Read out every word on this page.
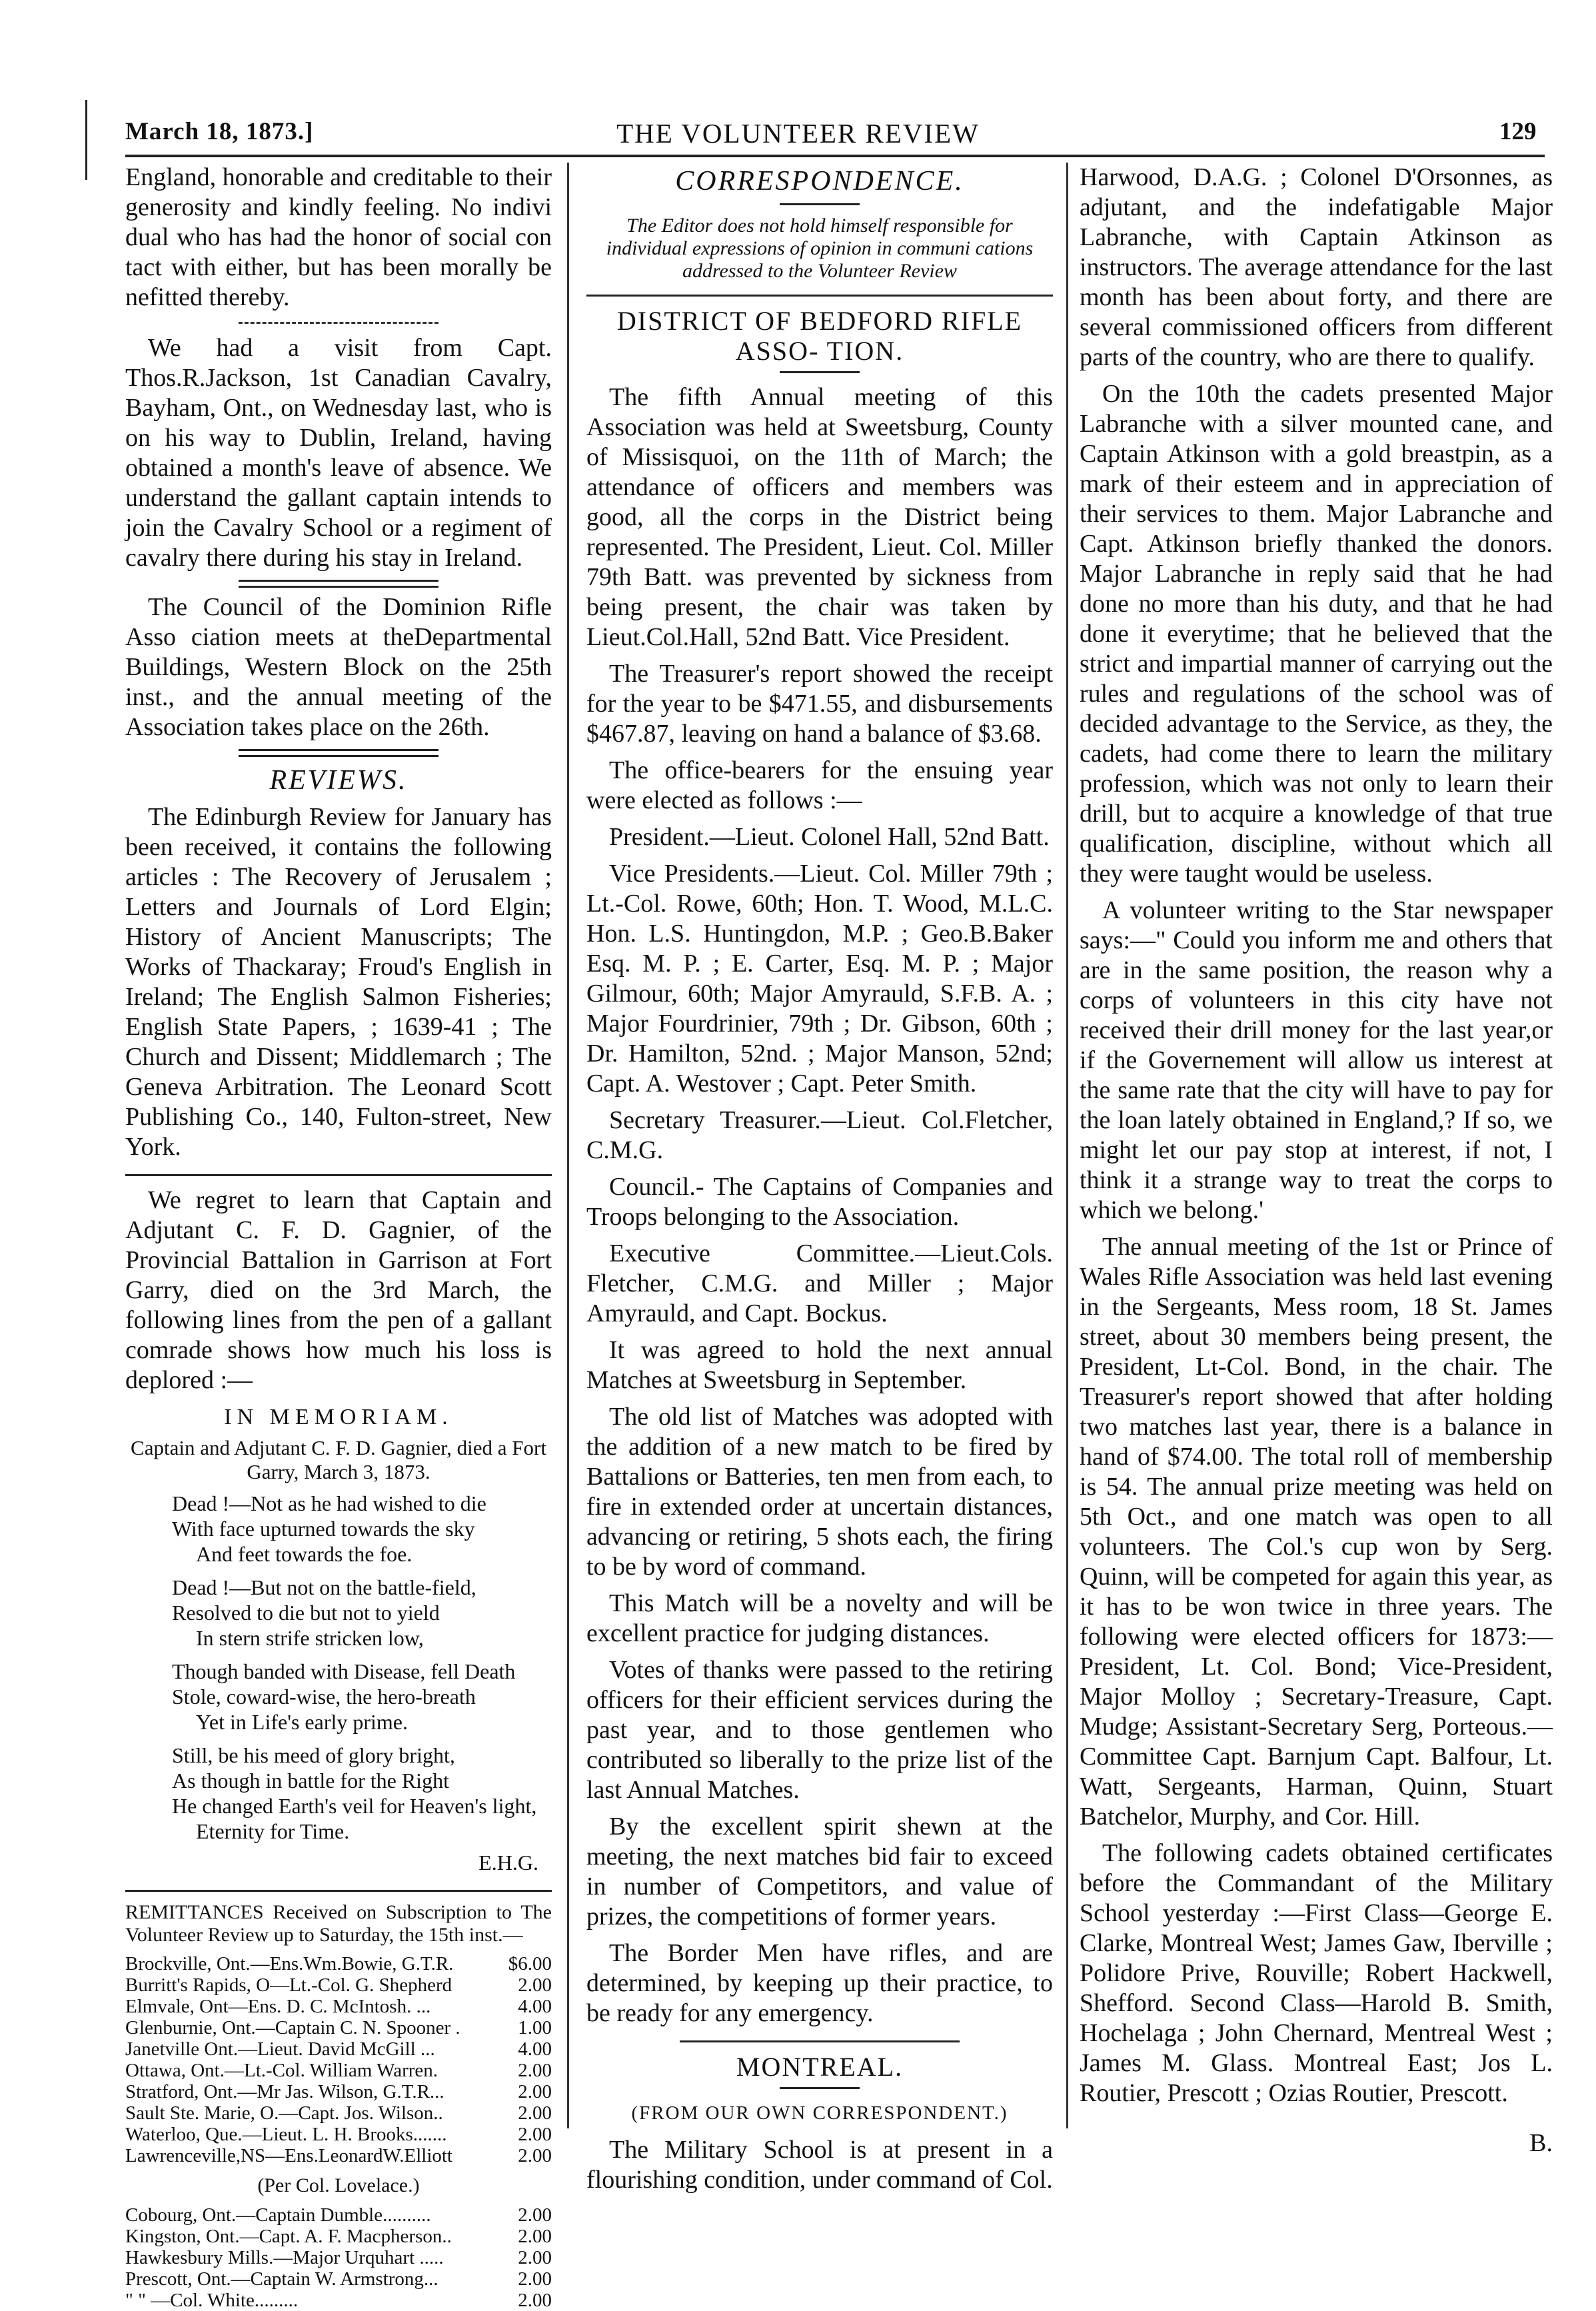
March 18, 1873.]	THE VOLUNTEER REVIEW	129

England, honorable and creditable to their generosity and kindly feeling. No indivi dual who has had the honor of social con tact with either, but has been morally be nefitted thereby.

We had a visit from Capt. Thos.R.Jackson, 1st Canadian Cavalry, Bayham, Ont., on Wednesday last, who is on his way to Dublin, Ireland, having obtained a month's leave of absence. We understand the gallant captain intends to join the Cavalry School or a regiment of cavalry there during his stay in Ireland.

The Council of the Dominion Rifle Asso ciation meets at theDepartmental Buildings, Western Block on the 25th inst., and the annual meeting of the Association takes place on the 26th.

REVIEWS.

The Edinburgh Review for January has been received, it contains the following articles : The Recovery of Jerusalem ; Letters and Journals of Lord Elgin; History of Ancient Manuscripts; The Works of Thackaray; Froud's English in Ireland; The English Salmon Fisheries; English State Papers, ; 1639-41 ; The Church and Dissent; Middlemarch ; The Geneva Arbitration. The Leonard Scott Publishing Co., 140, Fulton-street, New York.

We regret to learn that Captain and Adjutant C. F. D. Gagnier, of the Provincial Battalion in Garrison at Fort Garry, died on the 3rd March, the following lines from the pen of a gallant comrade shows how much his loss is deplored :—

IN MEMORIAM.
Captain and Adjutant C. F. D. Gagnier, died a Fort Garry, March 3, 1873.
Dead !—Not as he had wished to die
With face upturned towards the sky
And feet towards the foe.
Dead !—But not on the battle-field,
Resolved to die but not to yield
In stern strife stricken low,
Though banded with Disease, fell Death
Stole, coward-wise, the hero-breath
Yet in Life's early prime.
Still, be his meed of glory bright,
As though in battle for the Right
He changed Earth's veil for Heaven's light,
Eternity for Time.
E.H.G.

REMITTANCES Received on Subscription to The Volunteer Review up to Saturday, the 15th inst.—

Brockville, Ont.—Ens.Wm.Bowie, G.T.R.	$6.00
Burritt's Rapids, O—Lt.-Col. G. Shepherd	2.00
Elmvale, Ont—Ens. D. C. McIntosh. ...	4.00
Glenburnie, Ont.—Captain C. N. Spooner .	1.00
Janetville Ont.—Lieut. David McGill ...	4.00
Ottawa, Ont.—Lt.-Col. William Warren.	2.00
Stratford, Ont.—Mr Jas. Wilson, G.T.R...	2.00
Sault Ste. Marie, O.—Capt. Jos. Wilson..	2.00
Waterloo, Que.—Lieut. L. H. Brooks.......	2.00
Lawrenceville,NS—Ens.LeonardW.Elliott	2.00
(Per Col. Lovelace.)
Cobourg, Ont.—Captain Dumble..........	2.00
Kingston, Ont.—Capt. A. F. Macpherson..	2.00
Hawkesbury Mills.—Major Urquhart .....	2.00
Prescott, Ont.—Captain W. Armstrong...	2.00
" " —Col. White.........	2.00
CORRESPONDENCE.
The Editor does not hold himself responsible for individual expressions of opinion in communi cations addressed to the Volunteer Review
DISTRICT OF BEDFORD RIFLE ASSO- TION.

The fifth Annual meeting of this Association was held at Sweetsburg, County of Missisquoi, on the 11th of March; the attendance of officers and members was good, all the corps in the District being represented. The President, Lieut. Col. Miller 79th Batt. was prevented by sickness from being present, the chair was taken by Lieut.Col.Hall, 52nd Batt. Vice President.

The Treasurer's report showed the receipt for the year to be $471.55, and disbursements $467.87, leaving on hand a balance of $3.68.

The office-bearers for the ensuing year were elected as follows :—

President.—Lieut. Colonel Hall, 52nd Batt.

Vice Presidents.—Lieut. Col. Miller 79th ; Lt.-Col. Rowe, 60th; Hon. T. Wood, M.L.C. Hon. L.S. Huntingdon, M.P. ; Geo.B.Baker Esq. M. P. ; E. Carter, Esq. M. P. ; Major Gilmour, 60th; Major Amyrauld, S.F.B. A. ; Major Fourdrinier, 79th ; Dr. Gibson, 60th ; Dr. Hamilton, 52nd. ; Major Manson, 52nd; Capt. A. Westover ; Capt. Peter Smith.

Secretary Treasurer.—Lieut. Col.Fletcher, C.M.G.

Council.- The Captains of Companies and Troops belonging to the Association.

Executive Committee.—Lieut.Cols. Fletcher, C.M.G. and Miller ; Major Amyrauld, and Capt. Bockus.

It was agreed to hold the next annual Matches at Sweetsburg in September.

The old list of Matches was adopted with the addition of a new match to be fired by Battalions or Batteries, ten men from each, to fire in extended order at uncertain distances, advancing or retiring, 5 shots each, the firing to be by word of command.

This Match will be a novelty and will be excellent practice for judging distances.

Votes of thanks were passed to the retiring officers for their efficient services during the past year, and to those gentlemen who contributed so liberally to the prize list of the last Annual Matches.

By the excellent spirit shewn at the meeting, the next matches bid fair to exceed in number of Competitors, and value of prizes, the competitions of former years.

The Border Men have rifles, and are determined, by keeping up their practice, to be ready for any emergency.

MONTREAL.
(FROM OUR OWN CORRESPONDENT.)

The Military School is at present in a flourishing condition, under command of Col.

Harwood, D.A.G. ; Colonel D'Orsonnes, as adjutant, and the indefatigable Major Labranche, with Captain Atkinson as instructors. The average attendance for the last month has been about forty, and there are several commissioned officers from different parts of the country, who are there to qualify.

On the 10th the cadets presented Major Labranche with a silver mounted cane, and Captain Atkinson with a gold breastpin, as a mark of their esteem and in appreciation of their services to them. Major Labranche and Capt. Atkinson briefly thanked the donors. Major Labranche in reply said that he had done no more than his duty, and that he had done it everytime; that he believed that the strict and impartial manner of carrying out the rules and regulations of the school was of decided advantage to the Service, as they, the cadets, had come there to learn the military profession, which was not only to learn their drill, but to acquire a knowledge of that true qualification, discipline, without which all they were taught would be useless.

A volunteer writing to the Star newspaper says:—" Could you inform me and others that are in the same position, the reason why a corps of volunteers in this city have not received their drill money for the last year,or if the Governement will allow us interest at the same rate that the city will have to pay for the loan lately obtained in England,? If so, we might let our pay stop at interest, if not, I think it a strange way to treat the corps to which we belong.'

The annual meeting of the 1st or Prince of Wales Rifle Association was held last evening in the Sergeants, Mess room, 18 St. James street, about 30 members being present, the President, Lt-Col. Bond, in the chair. The Treasurer's report showed that after holding two matches last year, there is a balance in hand of $74.00. The total roll of membership is 54. The annual prize meeting was held on 5th Oct., and one match was open to all volunteers. The Col.'s cup won by Serg. Quinn, will be competed for again this year, as it has to be won twice in three years. The following were elected officers for 1873:—President, Lt. Col. Bond; Vice-President, Major Molloy ; Secretary-Treasure, Capt. Mudge; Assistant-Secretary Serg, Porteous.—Committee Capt. Barnjum Capt. Balfour, Lt. Watt, Sergeants, Harman, Quinn, Stuart Batchelor, Murphy, and Cor. Hill.

The following cadets obtained certificates before the Commandant of the Military School yesterday :—First Class—George E. Clarke, Montreal West; James Gaw, Iberville ; Polidore Prive, Rouville; Robert Hackwell, Shefford. Second Class—Harold B. Smith, Hochelaga ; John Chernard, Mentreal West ; James M. Glass. Montreal East; Jos L. Routier, Prescott ; Ozias Routier, Prescott.

B.
